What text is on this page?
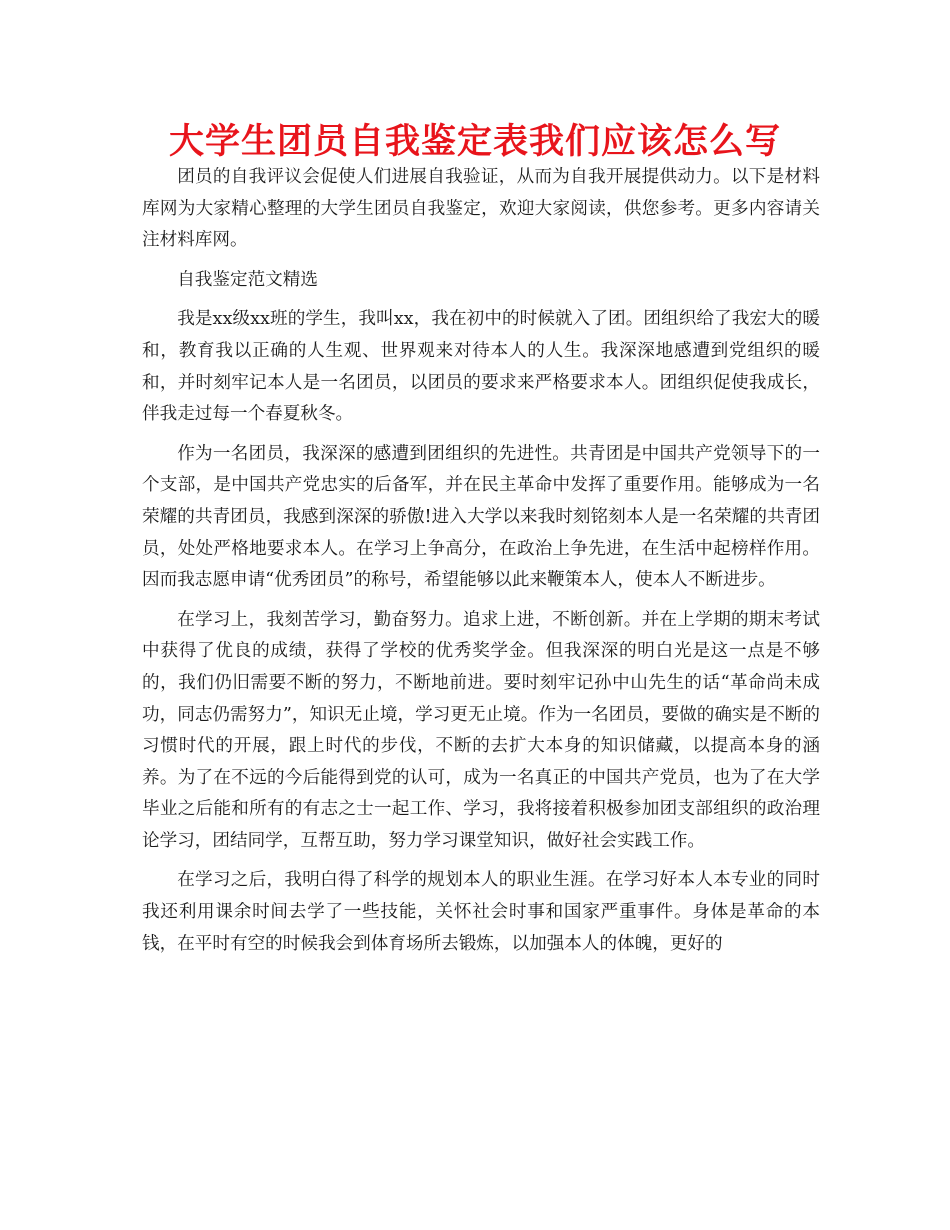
大学生团员自我鉴定表我们应该怎么写

团员的自我评议会促使人们进展自我验证，从而为自我开展提供动力。以下是材料库网为大家精心整理的大学生团员自我鉴定，欢迎大家阅读，供您参考。更多内容请关注材料库网。

自我鉴定范文精选

我是xx级xx班的学生，我叫xx，我在初中的时候就入了团。团组织给了我宏大的暖和，教育我以正确的人生观、世界观来对待本人的人生。我深深地感遭到党组织的暖和，并时刻牢记本人是一名团员，以团员的要求来严格要求本人。团组织促使我成长，伴我走过每一个春夏秋冬。

作为一名团员，我深深的感遭到团组织的先进性。共青团是中国共产党领导下的一个支部，是中国共产党忠实的后备军，并在民主革命中发挥了重要作用。能够成为一名荣耀的共青团员，我感到深深的骄傲!进入大学以来我时刻铭刻本人是一名荣耀的共青团员，处处严格地要求本人。在学习上争高分，在政治上争先进，在生活中起榜样作用。因而我志愿申请“优秀团员”的称号，希望能够以此来鞭策本人，使本人不断进步。

在学习上，我刻苦学习，勤奋努力。追求上进，不断创新。并在上学期的期末考试中获得了优良的成绩，获得了学校的优秀奖学金。但我深深的明白光是这一点是不够的，我们仍旧需要不断的努力，不断地前进。要时刻牢记孙中山先生的话“革命尚未成功，同志仍需努力”，知识无止境，学习更无止境。作为一名团员，要做的确实是不断的习惯时代的开展，跟上时代的步伐，不断的去扩大本身的知识储藏，以提高本身的涵养。为了在不远的今后能得到党的认可，成为一名真正的中国共产党员，也为了在大学毕业之后能和所有的有志之士一起工作、学习，我将接着积极参加团支部组织的政治理论学习，团结同学，互帮互助，努力学习课堂知识，做好社会实践工作。

在学习之后，我明白得了科学的规划本人的职业生涯。在学习好本人本专业的同时我还利用课余时间去学了一些技能，关怀社会时事和国家严重事件。身体是革命的本钱，在平时有空的时候我会到体育场所去锻炼，以加强本人的体魄，更好的
